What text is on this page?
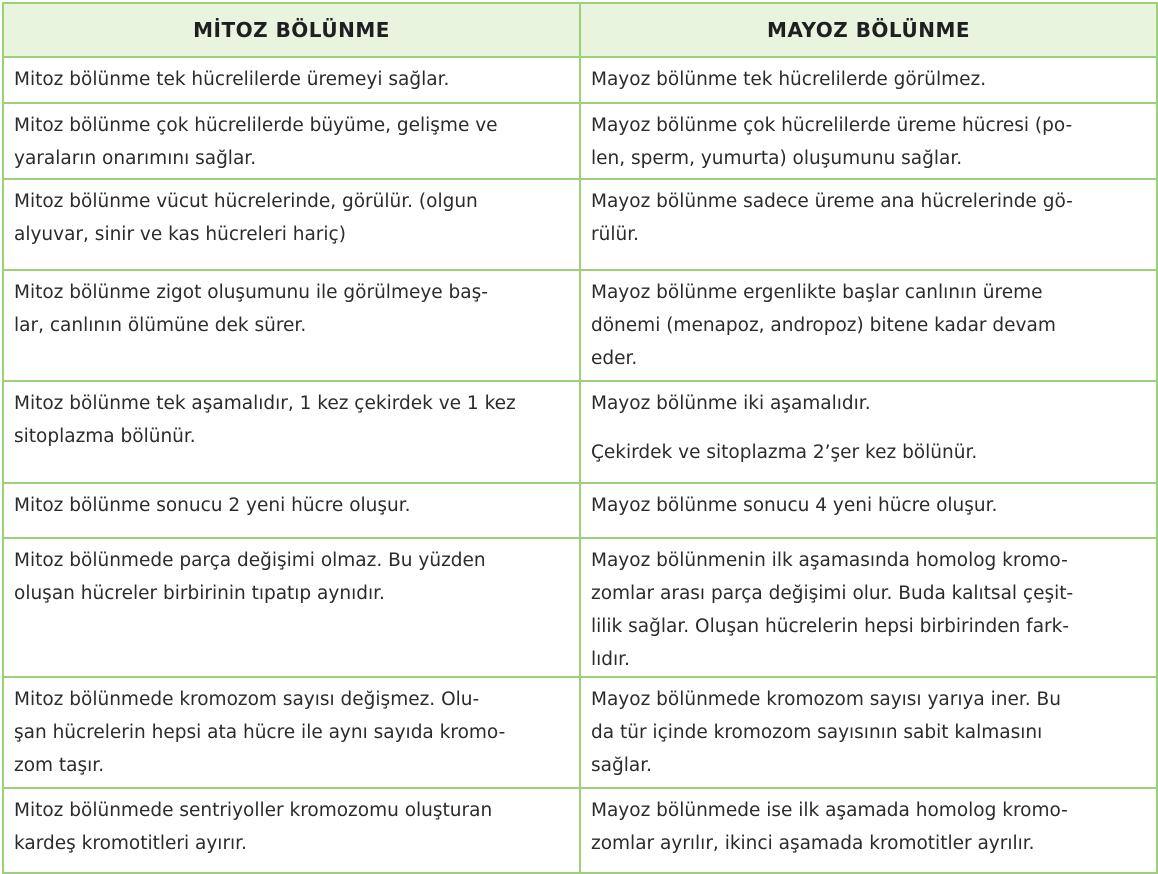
MİTOZ BÖLÜNME	MAYOZ BÖLÜNME

Mitoz bölünme tek hücrelilerde üremeyi sağlar.	Mayoz bölünme tek hücrelilerde görülmez.

Mitoz bölünme çok hücrelilerde büyüme, gelişme ve
yaraların onarımını sağlar.	Mayoz bölünme çok hücrelilerde üreme hücresi (po-
len, sperm, yumurta) oluşumunu sağlar.

Mitoz bölünme vücut hücrelerinde, görülür. (olgun
alyuvar, sinir ve kas hücreleri hariç)	Mayoz bölünme sadece üreme ana hücrelerinde gö-
rülür.

Mitoz bölünme zigot oluşumunu ile görülmeye baş-
lar, canlının ölümüne dek sürer.	Mayoz bölünme ergenlikte başlar canlının üreme
dönemi (menapoz, andropoz) bitene kadar devam
eder.

Mitoz bölünme tek aşamalıdır, 1 kez çekirdek ve 1 kez
sitoplazma bölünür.	Mayoz bölünme iki aşamalıdır.
Çekirdek ve sitoplazma 2’şer kez bölünür.

Mitoz bölünme sonucu 2 yeni hücre oluşur.	Mayoz bölünme sonucu 4 yeni hücre oluşur.

Mitoz bölünmede parça değişimi olmaz. Bu yüzden
oluşan hücreler birbirinin tıpatıp aynıdır.	Mayoz bölünmenin ilk aşamasında homolog kromo-
zomlar arası parça değişimi olur. Buda kalıtsal çeşit-
lilik sağlar. Oluşan hücrelerin hepsi birbirinden fark-
lıdır.

Mitoz bölünmede kromozom sayısı değişmez. Olu-
şan hücrelerin hepsi ata hücre ile aynı sayıda kromo-
zom taşır.	Mayoz bölünmede kromozom sayısı yarıya iner. Bu
da tür içinde kromozom sayısının sabit kalmasını
sağlar.

Mitoz bölünmede sentriyoller kromozomu oluşturan
kardeş kromotitleri ayırır.	Mayoz bölünmede ise ilk aşamada homolog kromo-
zomlar ayrılır, ikinci aşamada kromotitler ayrılır.
